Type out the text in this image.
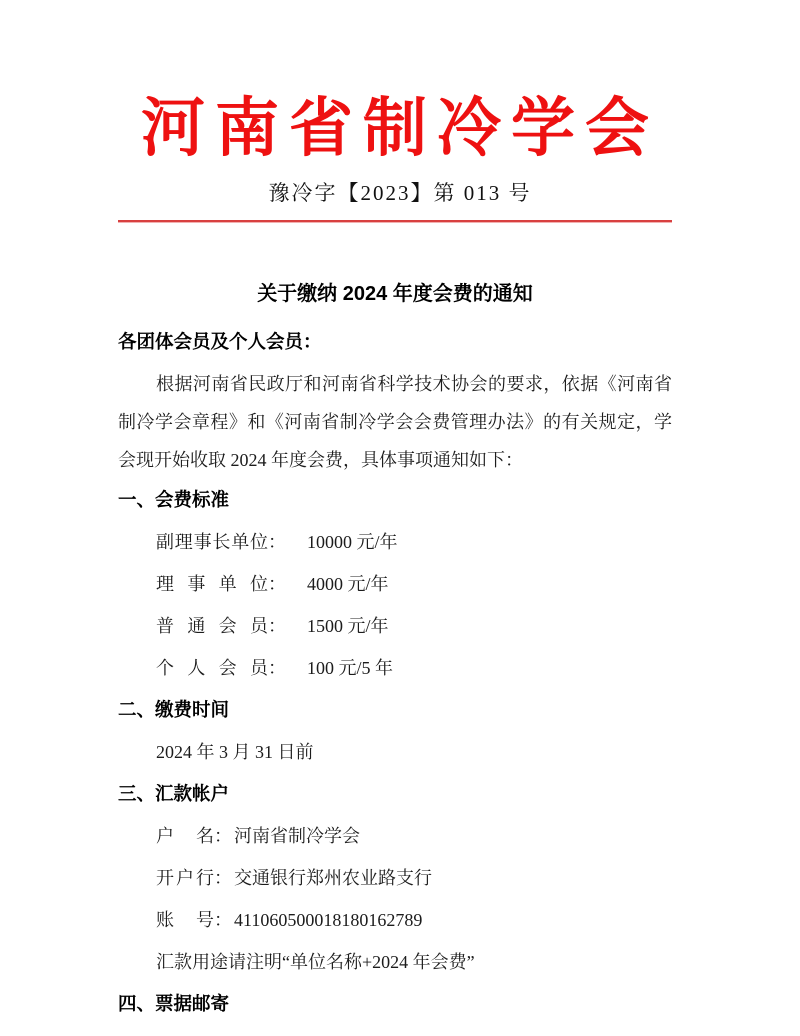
河南省制冷学会
豫冷字【2023】第 013 号
关于缴纳 2024 年度会费的通知
各团体会员及个人会员：

根据河南省民政厅和河南省科学技术协会的要求，依据《河南省制冷学会章程》和《河南省制冷学会会费管理办法》的有关规定，学会现开始收取 2024 年度会费，具体事项通知如下：

一、会费标准
副理事长单位： 10000 元/年
理事单位： 4000 元/年
普通会员： 1500 元/年
个人会员： 100 元/5 年
二、缴费时间
2024 年 3 月 31 日前
三、汇款帐户
户名： 河南省制冷学会
开户行： 交通银行郑州农业路支行
账号： 411060500018180162789
汇款用途请注明“单位名称+2024 年会费”
四、票据邮寄
